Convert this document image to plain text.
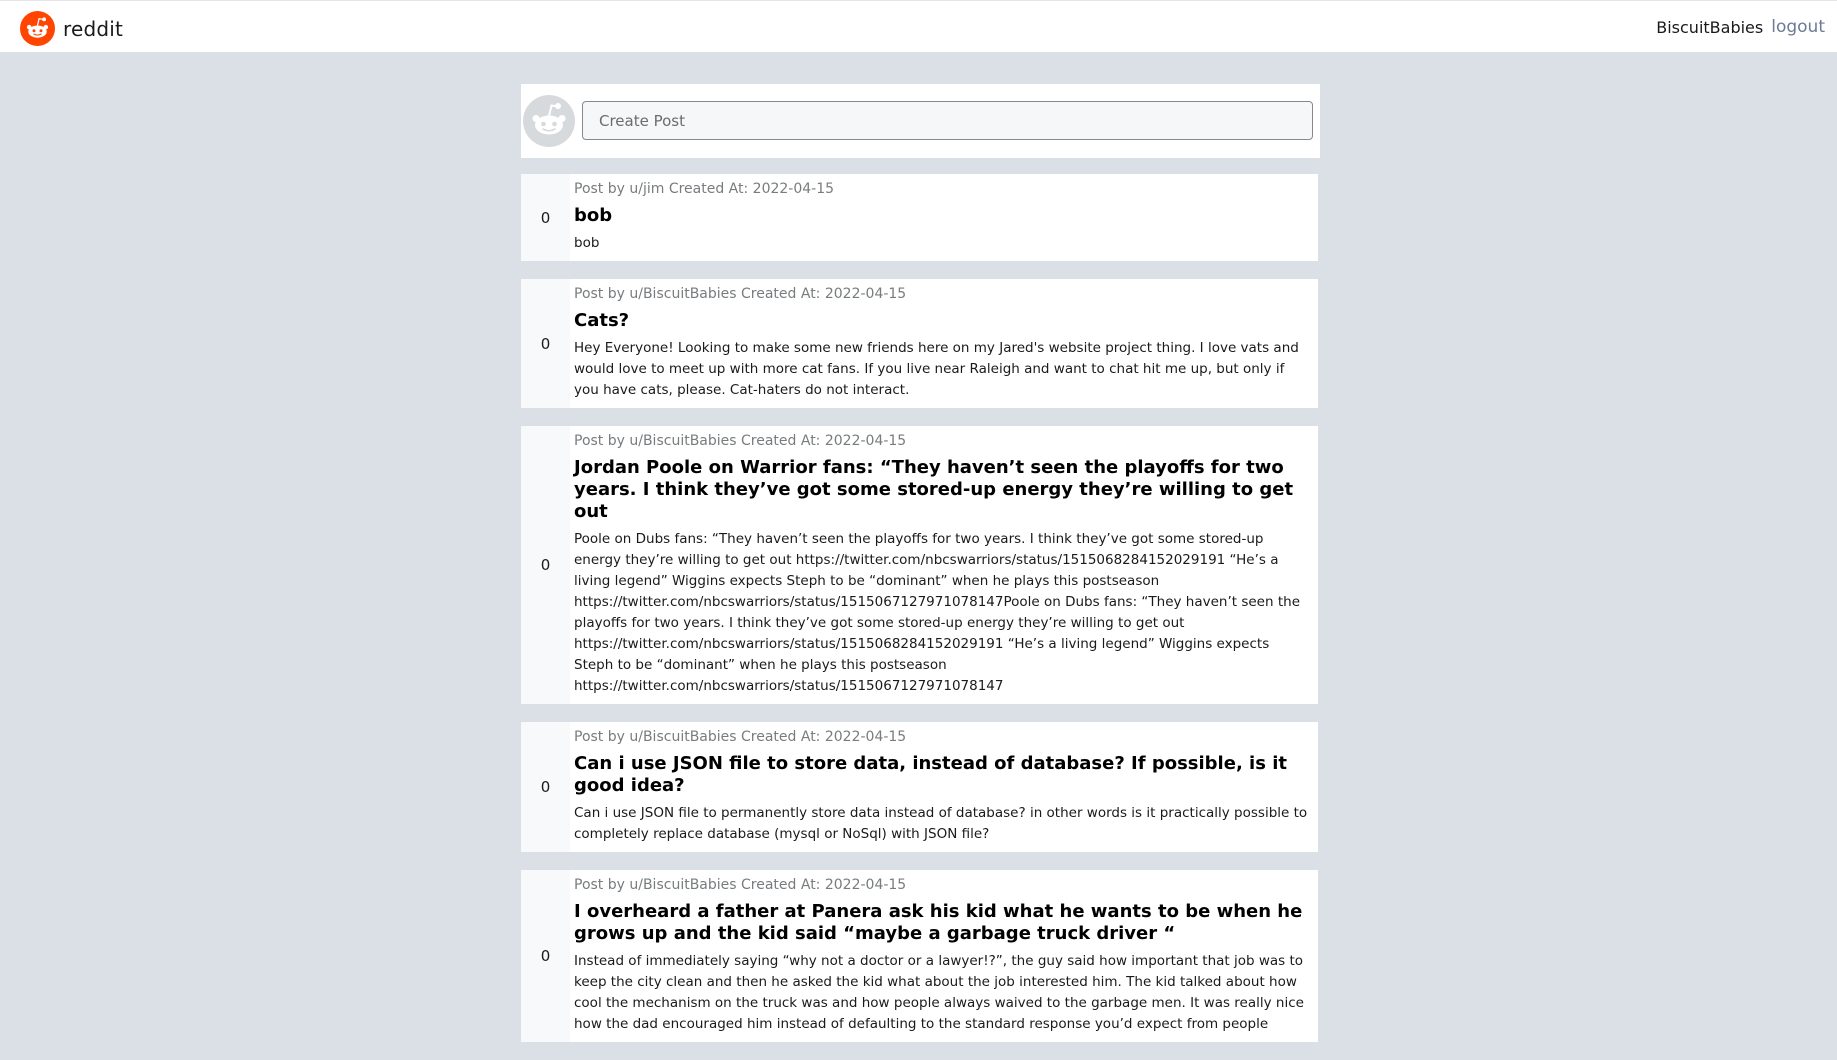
reddit	BiscuitBabies logout
Create Post
0
Post by u/jim Created At: 2022-04-15
bob
bob
0
Post by u/BiscuitBabies Created At: 2022-04-15
Cats?
Hey Everyone! Looking to make some new friends here on my Jared's website project thing. I love vats and would love to meet up with more cat fans. If you live near Raleigh and want to chat hit me up, but only if you have cats, please. Cat-haters do not interact.
0
Post by u/BiscuitBabies Created At: 2022-04-15
Jordan Poole on Warrior fans: “They haven’t seen the playoffs for two years. I think they’ve got some stored-up energy they’re willing to get out
Poole on Dubs fans: “They haven’t seen the playoffs for two years. I think they’ve got some stored-up energy they’re willing to get out https://twitter.com/nbcswarriors/status/1515068284152029191 “He’s a living legend” Wiggins expects Steph to be “dominant” when he plays this postseason https://twitter.com/nbcswarriors/status/1515067127971078147Poole on Dubs fans: “They haven’t seen the playoffs for two years. I think they’ve got some stored-up energy they’re willing to get out https://twitter.com/nbcswarriors/status/1515068284152029191 “He’s a living legend” Wiggins expects Steph to be “dominant” when he plays this postseason https://twitter.com/nbcswarriors/status/1515067127971078147
0
Post by u/BiscuitBabies Created At: 2022-04-15
Can i use JSON file to store data, instead of database? If possible, is it good idea?
Can i use JSON file to permanently store data instead of database? in other words is it practically possible to completely replace database (mysql or NoSql) with JSON file?
0
Post by u/BiscuitBabies Created At: 2022-04-15
I overheard a father at Panera ask his kid what he wants to be when he grows up and the kid said “maybe a garbage truck driver “
Instead of immediately saying “why not a doctor or a lawyer!?”, the guy said how important that job was to keep the city clean and then he asked the kid what about the job interested him. The kid talked about how cool the mechanism on the truck was and how people always waived to the garbage men. It was really nice how the dad encouraged him instead of defaulting to the standard response you’d expect from people
